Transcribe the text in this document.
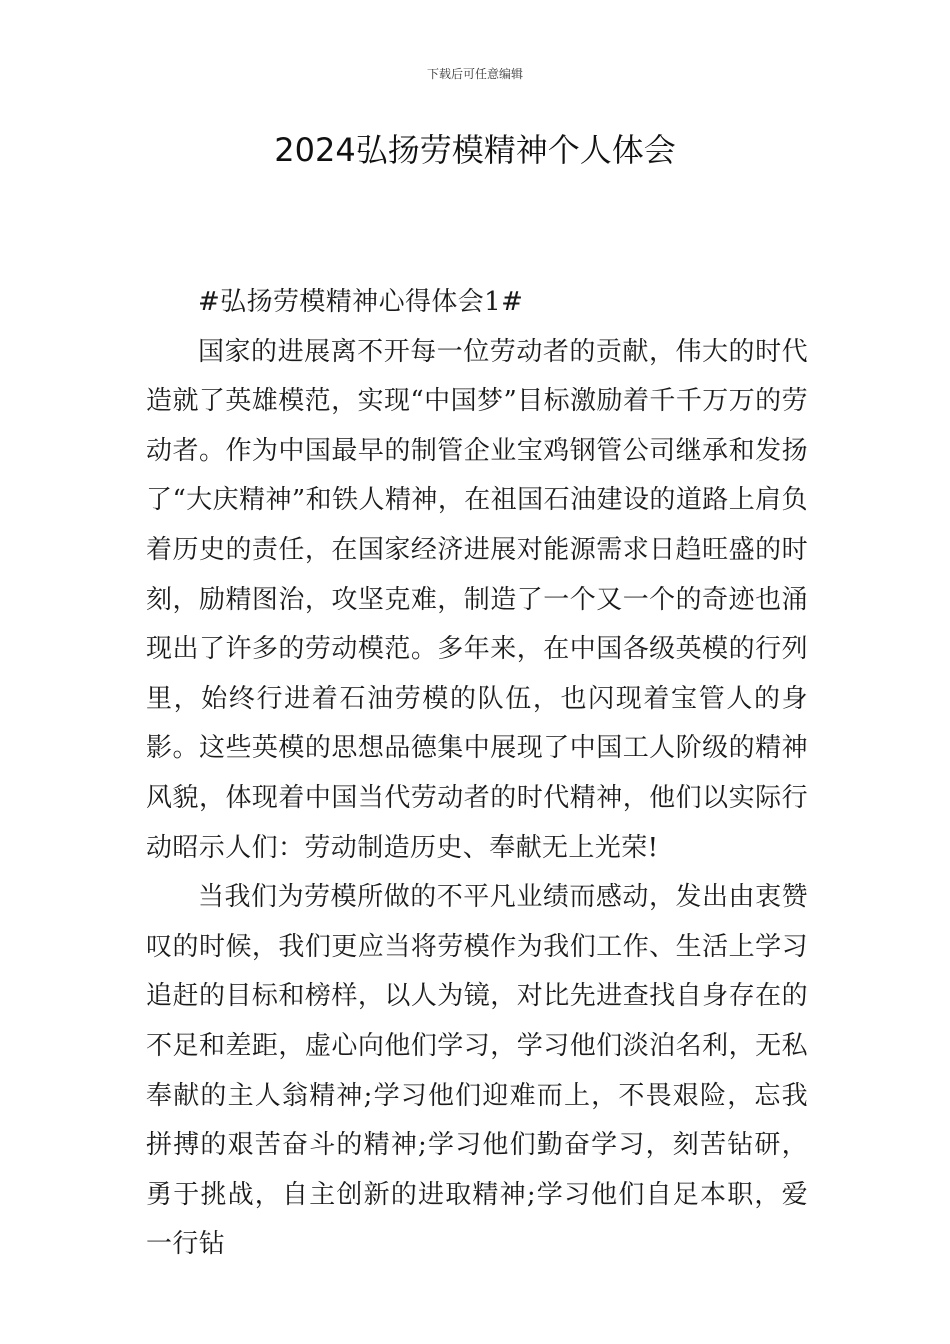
下载后可任意编辑
2024弘扬劳模精神个人体会

#弘扬劳模精神心得体会1#

国家的进展离不开每一位劳动者的贡献，伟大的时代造就了英雄模范，实现“中国梦”目标激励着千千万万的劳动者。作为中国最早的制管企业宝鸡钢管公司继承和发扬了“大庆精神”和铁人精神，在祖国石油建设的道路上肩负着历史的责任，在国家经济进展对能源需求日趋旺盛的时刻，励精图治，攻坚克难，制造了一个又一个的奇迹也涌现出了许多的劳动模范。多年来，在中国各级英模的行列里，始终行进着石油劳模的队伍，也闪现着宝管人的身影。这些英模的思想品德集中展现了中国工人阶级的精神风貌，体现着中国当代劳动者的时代精神，他们以实际行动昭示人们：劳动制造历史、奉献无上光荣!

当我们为劳模所做的不平凡业绩而感动，发出由衷赞叹的时候，我们更应当将劳模作为我们工作、生活上学习追赶的目标和榜样，以人为镜，对比先进查找自身存在的不足和差距，虚心向他们学习，学习他们淡泊名利，无私奉献的主人翁精神;学习他们迎难而上，不畏艰险，忘我拼搏的艰苦奋斗的精神;学习他们勤奋学习，刻苦钻研，勇于挑战，自主创新的进取精神;学习他们自足本职，爱一行钻
